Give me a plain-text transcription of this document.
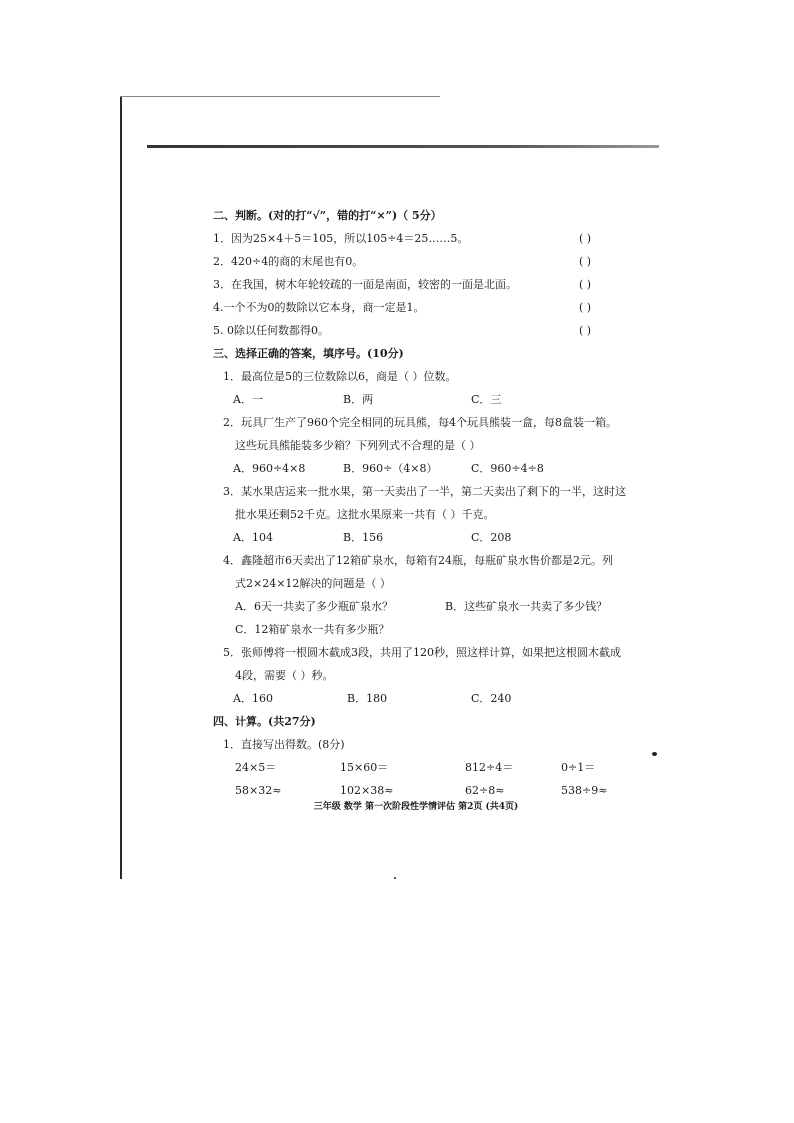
二、判断。(对的打“√”，错的打“×”)（ 5分）

1．因为25×4＋5＝105，所以105÷4＝25……5。	( )

2．420÷4的商的末尾也有0。	( )

3．在我国，树木年轮较疏的一面是南面，较密的一面是北面。	( )

4.一个不为0的数除以它本身，商一定是1。	( )

5. 0除以任何数都得0。	( )

三、选择正确的答案，填序号。(10分)

1．最高位是5的三位数除以6，商是（ ）位数。

A．一	B．两	C．三

2．玩具厂生产了960个完全相同的玩具熊，每4个玩具熊装一盒，每8盒装一箱。

这些玩具熊能装多少箱？下列列式不合理的是（ ）

A．960÷4×8	B．960÷（4×8）	C．960÷4÷8

3．某水果店运来一批水果，第一天卖出了一半，第二天卖出了剩下的一半，这时这

批水果还剩52千克。这批水果原来一共有（ ）千克。

A．104	B．156	C．208

4．鑫隆超市6天卖出了12箱矿泉水，每箱有24瓶，每瓶矿泉水售价都是2元。列

式2×24×12解决的问题是（ ）

A．6天一共卖了多少瓶矿泉水？	B．这些矿泉水一共卖了多少钱？
C．12箱矿泉水一共有多少瓶？

5．张师傅将一根圆木截成3段，共用了120秒，照这样计算，如果把这根圆木截成

4段，需要（ ）秒。

A．160	B．180	C．240

四、计算。(共27分)

1．直接写出得数。(8分)

24×5＝	15×60＝	812÷4＝	0÷1＝
58×32≈	102×38≈	62÷8≈	538÷9≈
三年级 数学 第一次阶段性学情评估 第2页 (共4页)
